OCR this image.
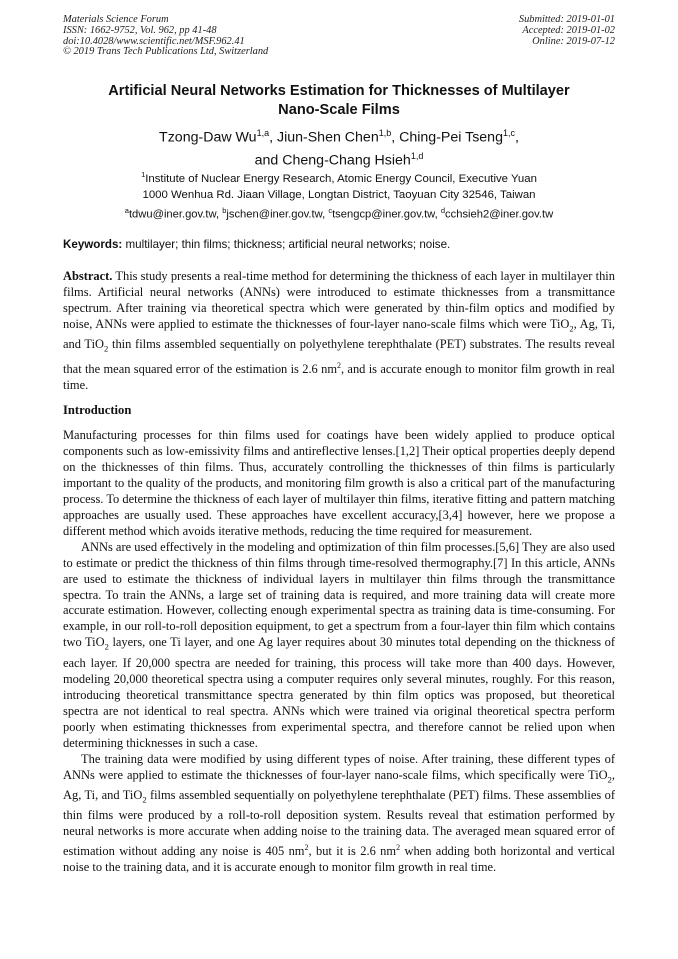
Materials Science Forum
ISSN: 1662-9752, Vol. 962, pp 41-48
doi:10.4028/www.scientific.net/MSF.962.41
© 2019 Trans Tech Publications Ltd, Switzerland
Submitted: 2019-01-01
Accepted: 2019-01-02
Online: 2019-07-12
Artificial Neural Networks Estimation for Thicknesses of Multilayer
Nano-Scale Films
Tzong-Daw Wu$^{1,a}$, Jiun-Shen Chen$^{1,b}$, Ching-Pei Tseng$^{1,c}$,
and Cheng-Chang Hsieh$^{1,d}$
$^1$Institute of Nuclear Energy Research, Atomic Energy Council, Executive Yuan
1000 Wenhua Rd. Jiaan Village, Longtan District, Taoyuan City 32546, Taiwan
$^a$tdwu@iner.gov.tw, $^b$jschen@iner.gov.tw, $^c$tsengcp@iner.gov.tw, $^d$cchsieh2@iner.gov.tw
Keywords: multilayer; thin films; thickness; artificial neural networks; noise.
Abstract. This study presents a real-time method for determining the thickness of each layer in multilayer thin films. Artificial neural networks (ANNs) were introduced to estimate thicknesses from a transmittance spectrum. After training via theoretical spectra which were generated by thin-film optics and modified by noise, ANNs were applied to estimate the thicknesses of four-layer nano-scale films which were TiO$_2$, Ag, Ti, and TiO$_2$ thin films assembled sequentially on polyethylene terephthalate (PET) substrates. The results reveal that the mean squared error of the estimation is 2.6 $nm^2$, and is accurate enough to monitor film growth in real time.
Introduction

Manufacturing processes for thin films used for coatings have been widely applied to produce optical components such as low-emissivity films and antireflective lenses.[1,2] Their optical properties deeply depend on the thicknesses of thin films. Thus, accurately controlling the thicknesses of thin films is particularly important to the quality of the products, and monitoring film growth is also a critical part of the manufacturing process. To determine the thickness of each layer of multilayer thin films, iterative fitting and pattern matching approaches are usually used. These approaches have excellent accuracy,[3,4] however, here we propose a different method which avoids iterative methods, reducing the time required for measurement.

ANNs are used effectively in the modeling and optimization of thin film processes.[5,6] They are also used to estimate or predict the thickness of thin films through time-resolved thermography.[7] In this article, ANNs are used to estimate the thickness of individual layers in multilayer thin films through the transmittance spectra. To train the ANNs, a large set of training data is required, and more training data will create more accurate estimation. However, collecting enough experimental spectra as training data is time-consuming. For example, in our roll-to-roll deposition equipment, to get a spectrum from a four-layer thin film which contains two TiO$_2$ layers, one Ti layer, and one Ag layer requires about 30 minutes total depending on the thickness of each layer. If 20,000 spectra are needed for training, this process will take more than 400 days. However, modeling 20,000 theoretical spectra using a computer requires only several minutes, roughly. For this reason, introducing theoretical transmittance spectra generated by thin film optics was proposed, but theoretical spectra are not identical to real spectra. ANNs which were trained via original theoretical spectra perform poorly when estimating thicknesses from experimental spectra, and therefore cannot be relied upon when determining thicknesses in such a case.

The training data were modified by using different types of noise. After training, these different types of ANNs were applied to estimate the thicknesses of four-layer nano-scale films, which specifically were TiO$_2$, Ag, Ti, and TiO$_2$ films assembled sequentially on polyethylene terephthalate (PET) films. These assemblies of thin films were produced by a roll-to-roll deposition system. Results reveal that estimation performed by neural networks is more accurate when adding noise to the training data. The averaged mean squared error of estimation without adding any noise is 405 $nm^2$, but it is 2.6 $nm^2$ when adding both horizontal and vertical noise to the training data, and it is accurate enough to monitor film growth in real time.
